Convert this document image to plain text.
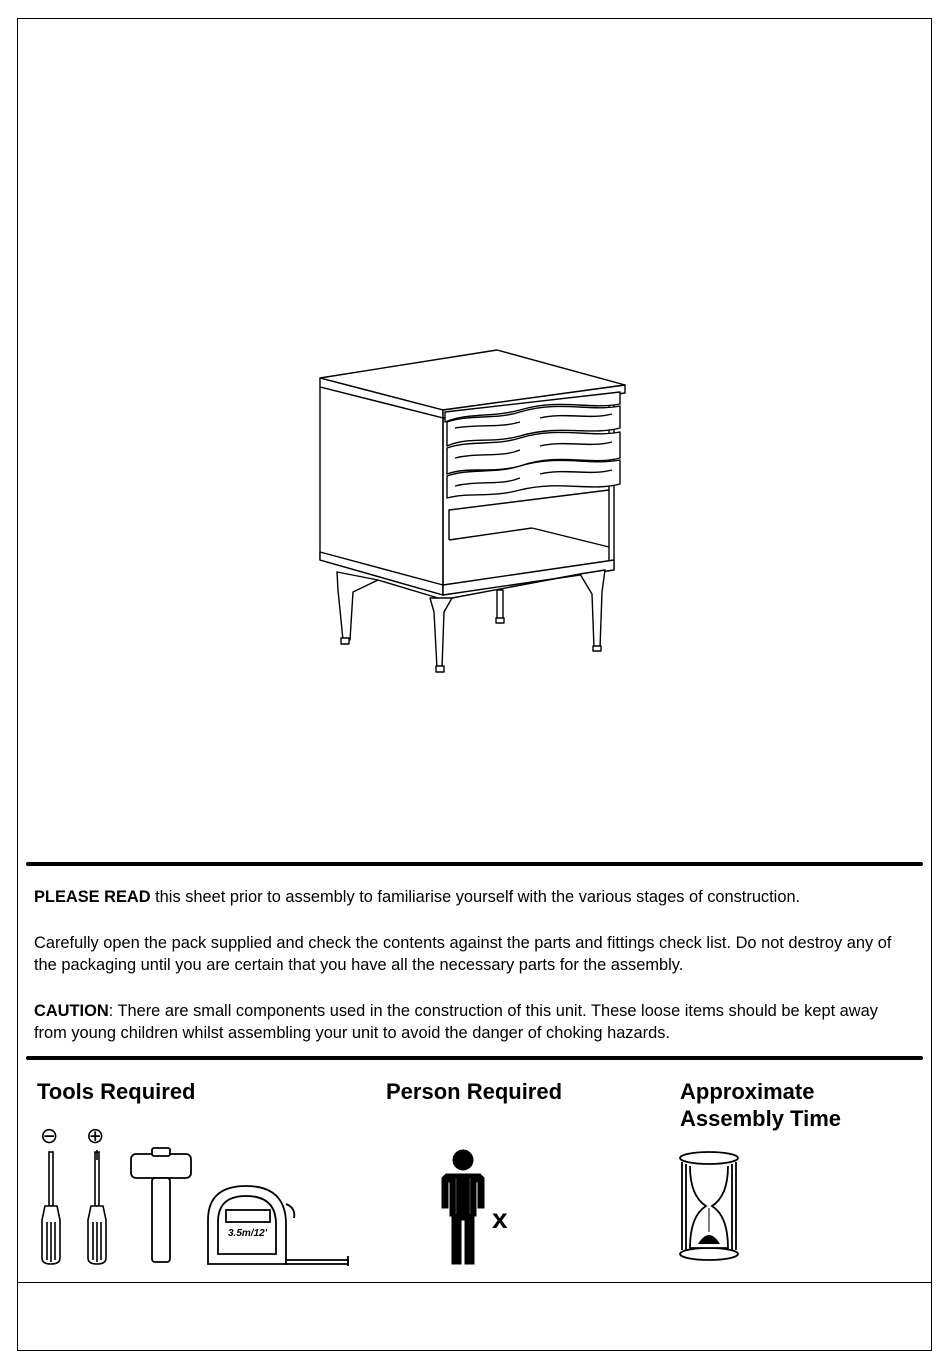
PLEASE READ this sheet prior to assembly to familiarise yourself with the various stages of construction.

Carefully open the pack supplied and check the contents against the parts and fittings check list. Do not destroy any of the packaging until you are certain that you have all the necessary parts for the assembly.

CAUTION: There are small components used in the construction of this unit. These loose items should be kept away from young children whilst assembling your unit to avoid the danger of choking hazards.

Tools Required
⊖ ⊕
3.5m/12'
Person Required
x
Approximate
Assembly Time
